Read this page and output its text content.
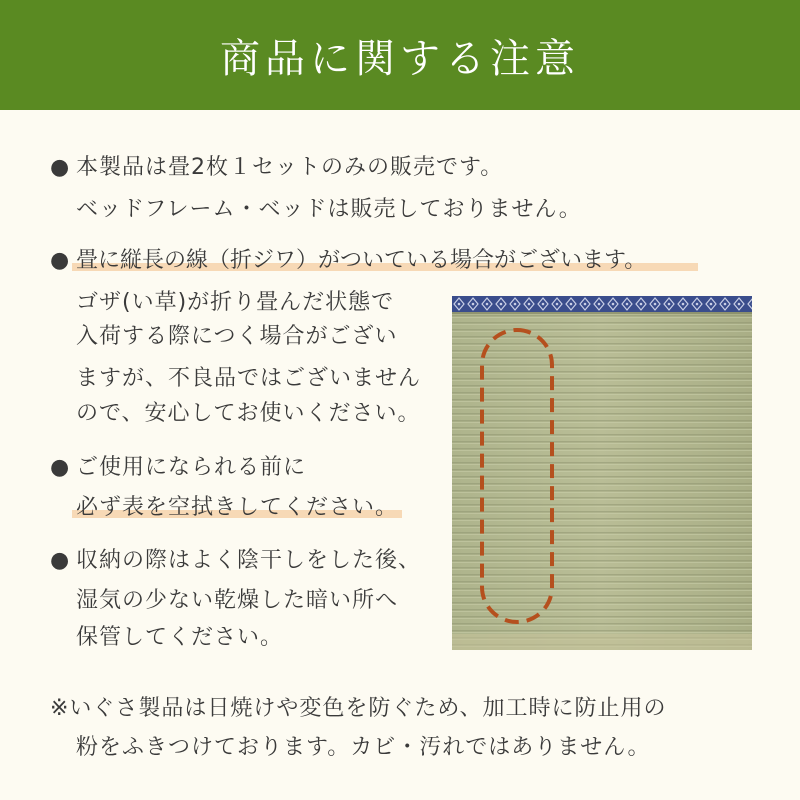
商品に関する注意
● 本製品は畳2枚１セットのみの販売です。
ベッドフレーム・ベッドは販売しておりません。
● 畳に縦長の線（折ジワ）がついている場合がございます。
ゴザ(い草)が折り畳んだ状態で
入荷する際につく場合がござい
ますが、不良品ではございません
ので、安心してお使いください。
● ご使用になられる前に
必ず表を空拭きしてください。
● 収納の際はよく陰干しをした後、
湿気の少ない乾燥した暗い所へ
保管してください。
※いぐさ製品は日焼けや変色を防ぐため、加工時に防止用の
粉をふきつけております。カビ・汚れではありません。
